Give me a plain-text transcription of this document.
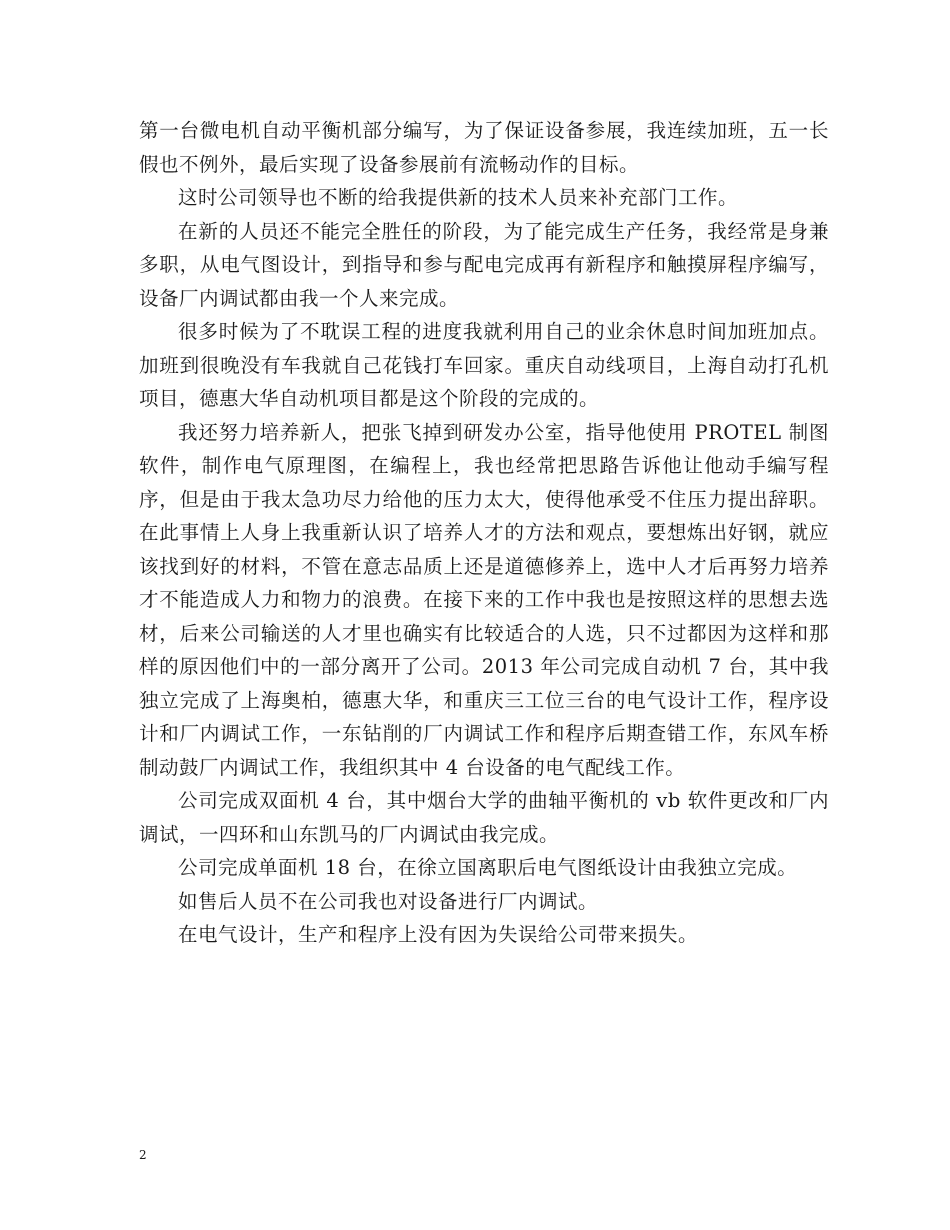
第一台微电机自动平衡机部分编写，为了保证设备参展，我连续加班，五一长假也不例外，最后实现了设备参展前有流畅动作的目标。

这时公司领导也不断的给我提供新的技术人员来补充部门工作。

在新的人员还不能完全胜任的阶段，为了能完成生产任务，我经常是身兼多职，从电气图设计，到指导和参与配电完成再有新程序和触摸屏程序编写，设备厂内调试都由我一个人来完成。

很多时候为了不耽误工程的进度我就利用自己的业余休息时间加班加点。加班到很晚没有车我就自己花钱打车回家。重庆自动线项目，上海自动打孔机项目，德惠大华自动机项目都是这个阶段的完成的。

我还努力培养新人，把张飞掉到研发办公室，指导他使用 PROTEL 制图软件，制作电气原理图，在编程上，我也经常把思路告诉他让他动手编写程序，但是由于我太急功尽力给他的压力太大，使得他承受不住压力提出辞职。在此事情上人身上我重新认识了培养人才的方法和观点，要想炼出好钢，就应该找到好的材料，不管在意志品质上还是道德修养上，选中人才后再努力培养才不能造成人力和物力的浪费。在接下来的工作中我也是按照这样的思想去选材，后来公司输送的人才里也确实有比较适合的人选，只不过都因为这样和那样的原因他们中的一部分离开了公司。2013 年公司完成自动机 7 台，其中我独立完成了上海奥柏，德惠大华，和重庆三工位三台的电气设计工作，程序设计和厂内调试工作，一东钻削的厂内调试工作和程序后期查错工作，东风车桥制动鼓厂内调试工作，我组织其中 4 台设备的电气配线工作。

公司完成双面机 4 台，其中烟台大学的曲轴平衡机的 vb 软件更改和厂内调试，一四环和山东凯马的厂内调试由我完成。

公司完成单面机 18 台，在徐立国离职后电气图纸设计由我独立完成。

如售后人员不在公司我也对设备进行厂内调试。

在电气设计，生产和程序上没有因为失误给公司带来损失。

2
